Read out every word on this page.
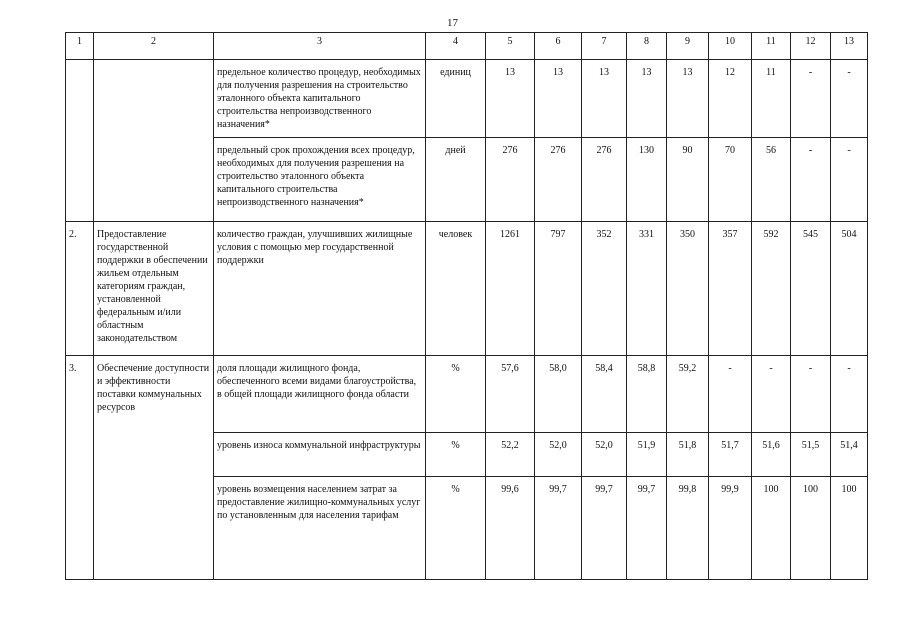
17
1	2	3	4	5	6	7	8	9	10	11	12	13
		предельное количество процедур, необходимых для получения разрешения на строительство эталонного объекта капитального строительства непроизводственного назначения*	единиц	13	13	13	13	13	12	11	-	-
		предельный срок прохождения всех процедур, необходимых для получения разрешения на строительство эталонного объекта капитального строительства непроизводственного назначения*	дней	276	276	276	130	90	70	56	-	-
2.	Предоставление государственной поддержки в обеспечении жильем отдельным категориям граждан, установленной федеральным и/или областным законодательством	количество граждан, улучшивших жилищные условия с помощью мер государственной поддержки	человек	1261	797	352	331	350	357	592	545	504
3.	Обеспечение доступности и эффективности поставки коммунальных ресурсов	доля площади жилищного фонда, обеспеченного всеми видами благоустройства, в общей площади жилищного фонда области	%	57,6	58,0	58,4	58,8	59,2	-	-	-	-
		уровень износа коммунальной инфраструктуры	%	52,2	52,0	52,0	51,9	51,8	51,7	51,6	51,5	51,4
		уровень возмещения населением затрат за предоставление жилищно-коммунальных услуг по установленным для населения тарифам	%	99,6	99,7	99,7	99,7	99,8	99,9	100	100	100
